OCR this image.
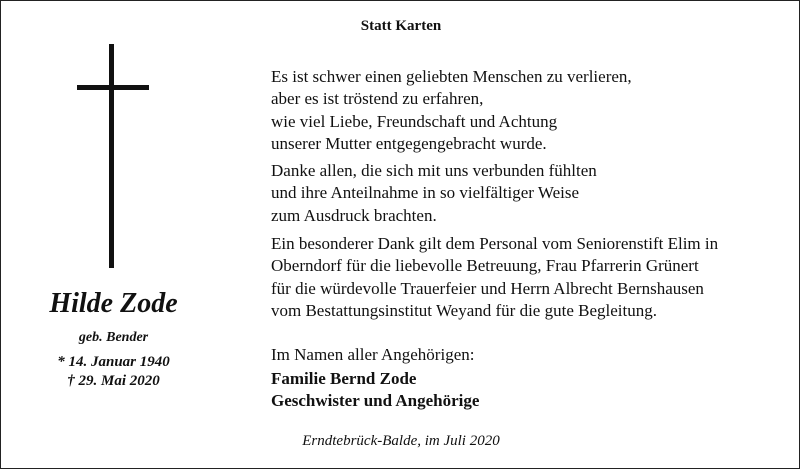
Statt Karten
Hilde Zode
geb. Bender
* 14. Januar 1940
† 29. Mai 2020

Es ist schwer einen geliebten Menschen zu verlieren,
aber es ist tröstend zu erfahren,
wie viel Liebe, Freundschaft und Achtung
unserer Mutter entgegengebracht wurde.

Danke allen, die sich mit uns verbunden fühlten
und ihre Anteilnahme in so vielfältiger Weise
zum Ausdruck brachten.

Ein besonderer Dank gilt dem Personal vom Seniorenstift Elim in
Oberndorf für die liebevolle Betreuung, Frau Pfarrerin Grünert
für die würdevolle Trauerfeier und Herrn Albrecht Bernshausen
vom Bestattungsinstitut Weyand für die gute Begleitung.

Im Namen aller Angehörigen:
Familie Bernd Zode
Geschwister und Angehörige
Erndtebrück-Balde, im Juli 2020
